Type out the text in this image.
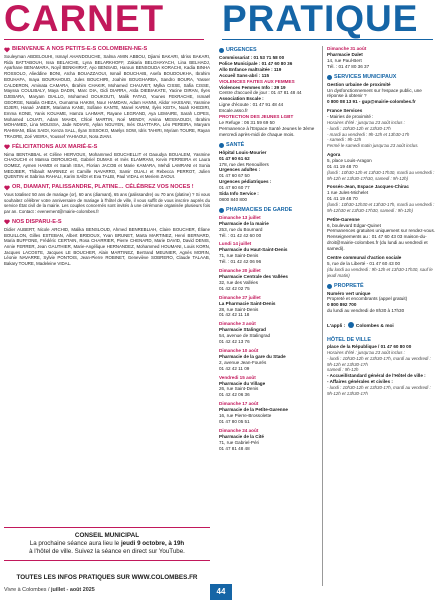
CARNET	PRATIQUE
BIENVENUE À NOS PETITS-E-S COLOMBIEN-NE-S
Souleyman ABDELOUHI, Ismayl AHANDOUCHE, Salma AMIN ABBOU, Djiami BAKARI, Idriss BAKARI, Rida BATTABOUH, Issa BELAICHE, Lyna BELARKHOFF, Zakaria BELGHAYACH, Lina BELHADJ, Ayarhane BENAMARA, Noyil BENKHIRAT, Ayo BENSAID, Haroun BENSOUDA KORACHI, Kadia BINHA ROSSOLO, Alieddine BONI, Aïcha BOUAZZAOUI, Ismail BOUCHAIB, Asefa BOUDOUKHA, Ibrahim BOUHAFA, Inaya BOURAHOUD, Jules BOUCHIRI, Joahim BOUGHARBA, Sandro BOURA, Yasser CALDERON, Aminata CAMARA, Ibrahim CHAKIR, Mohamed CHAUVET, Mylka CISSE, Safia CISSE, Mayssa COULIBALY, Maya DADIN, Marc DIA, Gidi DIARRA, Aïda DIEBIAKATE, Yacine DIRAN, Ilyes DJEBARA, Maryam DIALLO, Mohamed DOUKOUTI, Malik FATAO, Younes FEKRACHE, Ismaël GEORGE, Natalia GHEZA, Oumaïma HAKIM, Nour HAMDAN, Adam HANNI, Alidor HASSANI, Yasmine IDJERI, Hanaé JABER, Mariama KANE, Sofiane KANTE, Manel KARIM, Ilyès KEITA, Noah KHEDIRI, Emma KONE, Yanis KOUAME, Hamza LAHMAR, Rayane LEGRAND, Aya LEMAIRE, Sarah LOPES, Mohamed LOUATI, Adam MAHDI, Chloé MARTIN, Noé MENDY, Amina MESSAOUDI, Ibrahim MOHAMED, Lina MOUSSA, Jade NDIAYE, Aylan NGUYEN, Inès OUATTARA, Léo PEREIRA, Maryam RAHMANI, Elias SAIDI, Kenza SALL, Ilyan SISSOKO, Maëlys SOW, Idris TAHIRI, Myriam TOURE, Rayan TRAORE, Zoé VIEIRA, Youssef YAHIAOUI, Nora ZIANI.
FÉLICITATIONS AUX MARIÉ-E-S
Nima BENTABBAL et Céline HERVOUX, Mohammed BOUCHELLIT et Daoudya BOUALEM, Yasmine CHAOUCHI et Maïssa DEROUICHE, Gabriel DUMAS et Inès ELAMRANI, Kevin FERREIRA et Laura GOMEZ, Aymen HAMDI et Sarah ISSA, Florian JACOB et Marie KAMARA, Mehdi LAMRANI et Sonia MEDJBER, Thibault MARINEZ et Camille NAVARRO, Samir OUALI et Rebecca PERROT, Julien QUENTIN et Sabrina RAHALI, Karim SAÏDI et Eva TALBI, Paul VIDAL et Meriem ZAOUI.
OR, DIAMANT, PALISSANDRE, PLATINE… CÉLÉBREZ VOS NOCES !
Vous totalisez 50 ans de mariage (or), 60 ans (diamant), 65 ans (palissandre) ou 70 ans (platine) ? Si vous souhaitez célébrer votre anniversaire de mariage à l'hôtel de ville, il vous suffit de vous inscrire auprès du service État civil de la mairie. Les couples concernés sont invités à une cérémonie organisée plusieurs fois par an. Contact : evenement@mairie-colombes.fr
NOS DISPARU-E-S
Didier AUBERT, Nicole ARCHID, Malika BENSLOUD, Ahmed BENREBLIAH, Claire BOUCHER, Éliane BOUILLON, Gilles ESTEBAN, Albert BRIDOUX, Yvan BRUNET, Marta MARTINEZ, Henri BERNARD, Maria BUFFONE, Frédéric CERTAIN, Rosa CHARRIER, Pierre CHENARD, Marie DAVID, David DENIS, Annie FERRER, Jean GAUTHIER, Marie-Angélique HERNANDEZ, Mohammed HOUMANI, Louis KORN, Jacques LACOSTE, Jacques LE BOUCHER, Alain MARTINEZ, Bertrand MEUNIER, Agnès MORIN, Léonie NAVARRE, Sylvie PONTOIS, Jean-Pierre ROBINET, Geneviève SOBRERO, Claude TALAAB, Bakary TOURE, Madeleine VIDAL.
CONSEIL MUNICIPAL
La prochaine séance aura lieu le jeudi 9 octobre, à 19h
à l'hôtel de ville. Suivez la séance en direct sur YouTube.
TOUTES LES INFOS PRATIQUES SUR WWW.COLOMBES.FR
URGENCES
Commissariat : 01 53 71 58 00
Police Municipale : 01 47 60 80 36
Allo Enfance maltraitée : 119
Accueil Sans-abri : 115
VIOLENCES FAITES AUX FEMMES
Violences Femmes Info : 39 19
Centre d'accueil de jour : 01 47 81 48 44
Association Escale :
Ligne d'écoute : 01 47 91 48 44
Escale.asso.fr
PROTECTION DES JEUNES LGBT
Le Refuge : 06 31 59 69 50
Permanence à l'Espace Santé Jeunes le 3ème mercredi après-midi de chaque mois.
SANTÉ
Hôpital Louis-Mourier
01 47 60 61 62
178, rue des Renouillers
Urgences adultes :
01 47 60 67 50
Urgences pédiatriques :
01 47 60 60 77
Sida Info Service :
0800 840 800
PHARMACIES DE GARDE
Dimanche 13 juillet
Pharmacie de la mairie
253, rue du Bournard
Tél. : 01 42 42 60 00
Lundi 14 juillet
Pharmacie du Haut-Saint-Denis
71, rue Saint-Denis
Tél. : 01 42 42 06 96
Dimanche 20 juillet
Pharmacie Centrale des Vallées
32, rue des Vallées
01 42 42 02 75
Dimanche 27 juillet
La Pharmacie Saint-Denis
28, rue Saint-Denis
01 42 42 11 18
Dimanche 3 août
Pharmacie Stalingrad
54, avenue de Stalingrad
01 42 42 13 76
Dimanche 10 août
Pharmacie de la gare du Stade
2, avenue Jean-Fourés
01 42 42 11 09
Vendredi 15 août
Pharmacie du Village
26, rue Saint-Denis
01 42 42 06 36
Dimanche 17 août
Pharmacie de la Petite-Garenne
16, rue Pierre-Brossolette
01 47 80 05 51
Dimanche 24 août
Pharmacie de la Cité
71, rue Gabriel-Péri
01 47 81 48 48
Dimanche 31 août
Pharmacie Dalet
14, rue Paul-Bert
Tél. : 01 47 80 36 37
SERVICES MUNICIPAUX
Gestion urbaine de proximité
Un dysfonctionnement sur l'espace public, une réponse à obtenir ?
0 800 08 13 91 - gup@mairie-colombes.fr
France Services
- Mairies de proximité :
Horaires d'été : jusqu'au 23 août inclus :
- lundi : 10h30-12h et 13h30-17h
- mardi au vendredi : 9h-12h et 13h30-17h
- samedi : 9h-12h
Fermé le samedi matin jusqu'au 23 août inclus.
Agora
5, place Louis-Aragon
01 41 19 48 70
(lundi : 10h30-12h et 13h30-17h30, mardi au vendredi : 9h-12h et 13h30-17h30, samedi : 9h-12h)
Fossés-Jean, Espace Jacques-Chirac
1 rue Jules-Michelet
01 41 19 48 70
(lundi : 10h30-12h30 et 13h30-17h, mardi au vendredi : 9h-12h30 et 13h30-17h30, samedi : 9h-12h)
Petite-Garenne
6, boulevard Edgar-Quinet
Permanences gratuites uniquement sur rendez-vous. Renseignements au : 01 47 60 43 03 maison-du-droit@mairie-colombes.fr (du lundi au vendredi et samedi).
Centre communal d'action sociale
5, rue de la Liberté - 01 47 60 43 00
(du lundi au vendredi : 9h-12h et 13h30-17h30, sauf le jeudi matin)
PROPRETÉ
Numéro vert unique
Propreté et encombrants (appel gratuit)
0 800 892 700
du lundi au vendredi de 8h30 à 17h30
L'appli : Colombes & moi
HÔTEL DE VILLE
place de la République / 01 47 60 80 00
Horaires d'été : jusqu'au 23 août inclus :
- lundi : 10h30-12h et 13h30-17h, mardi au vendredi : 9h-12h et 13h30-17h
samedi : 9h-12h
- Accueil/standard général de l'Hôtel de ville :
- Affaires générales et civiles :
- lundi : 10h30-12h et 13h30-17h, mardi au vendredi : 9h-12h et 13h30-17h
Vivre à Colombes / juillet - août 2025	44
